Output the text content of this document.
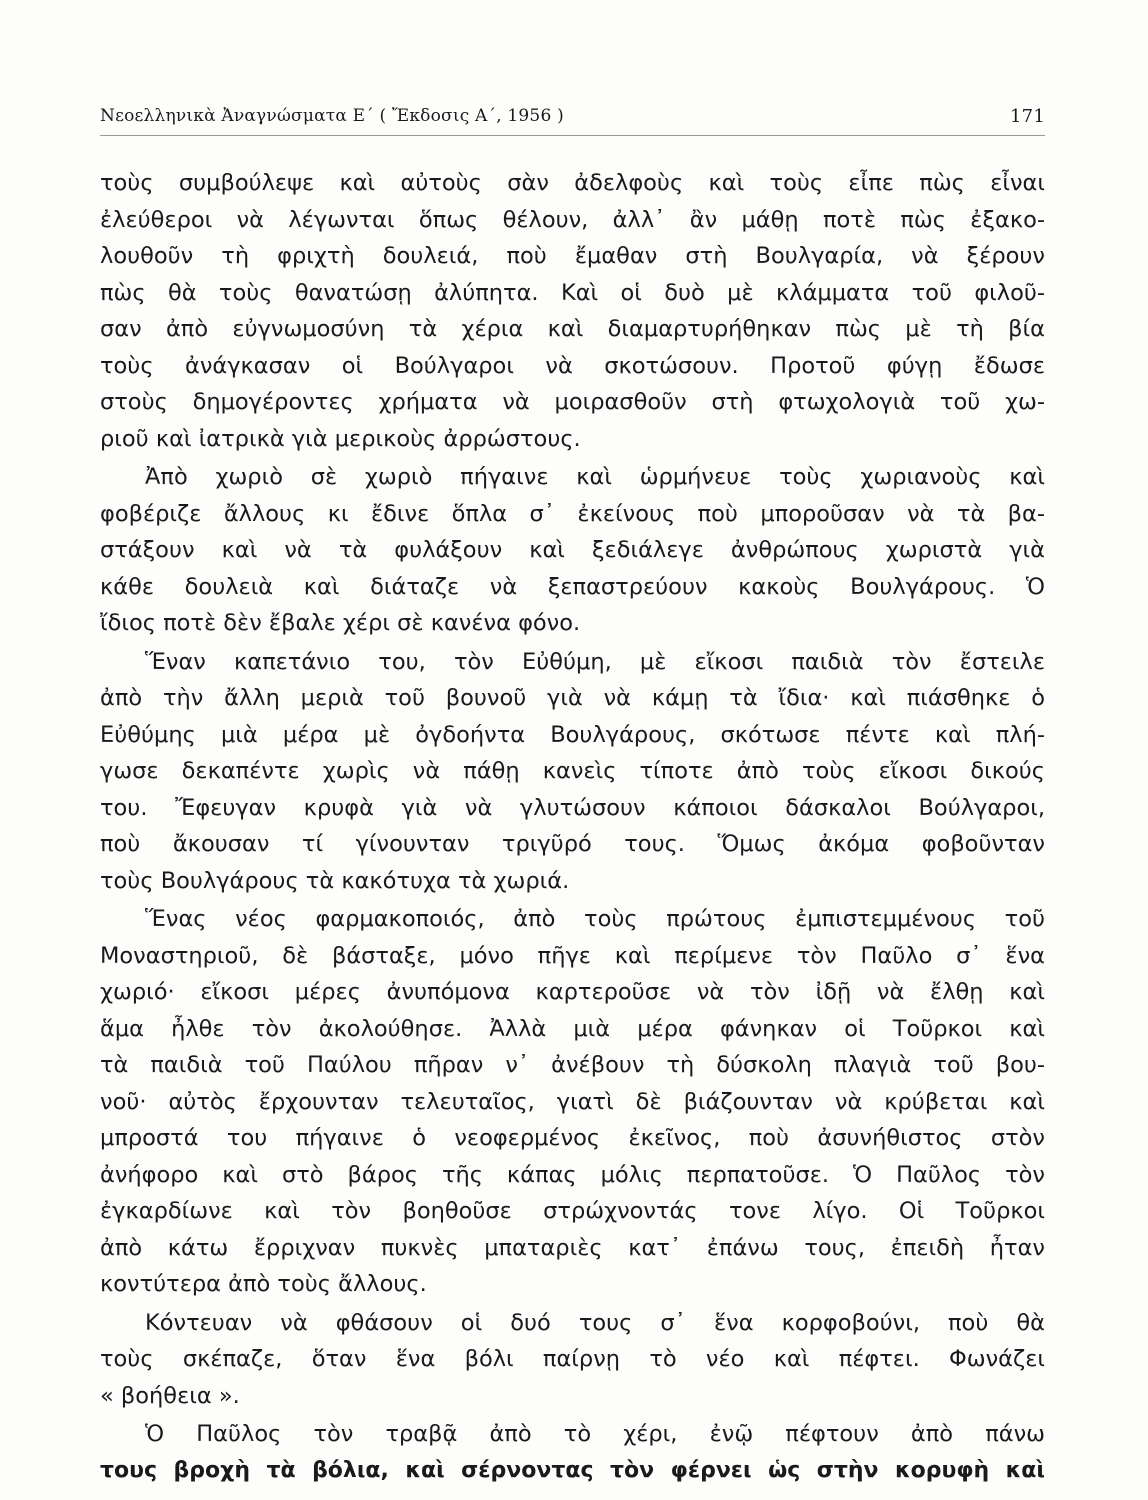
Νεοελληνικὰ Ἀναγνώσματα Ε΄ ( Ἔκδοσις Α΄, 1956 )	171
τοὺς συμβούλεψε καὶ αὐτοὺς σὰν ἀδελφοὺς καὶ τοὺς εἶπε πὼς εἶναι
ἐλεύθεροι νὰ λέγωνται ὅπως θέλουν, ἀλλ᾽ ἂν μάθῃ ποτὲ πὼς ἐξακο-
λουθοῦν τὴ φριχτὴ δουλειά, ποὺ ἔμαθαν στὴ Βουλγαρία, νὰ ξέρουν
πὼς θὰ τοὺς θανατώσῃ ἀλύπητα. Καὶ οἱ δυὸ μὲ κλάμματα τοῦ φιλοῦ-
σαν ἀπὸ εὐγνωμοσύνη τὰ χέρια καὶ διαμαρτυρήθηκαν πὼς μὲ τὴ βία
τοὺς ἀνάγκασαν οἱ Βούλγαροι νὰ σκοτώσουν. Προτοῦ φύγῃ ἔδωσε
στοὺς δημογέροντες χρήματα νὰ μοιρασθοῦν στὴ φτωχολογιὰ τοῦ χω-
ριοῦ καὶ ἰατρικὰ γιὰ μερικοὺς ἀρρώστους.
Ἀπὸ χωριὸ σὲ χωριὸ πήγαινε καὶ ὡρμήνευε τοὺς χωριανοὺς καὶ
φοβέριζε ἄλλους κι ἔδινε ὅπλα σ᾽ ἐκείνους ποὺ μποροῦσαν νὰ τὰ βα-
στάξουν καὶ νὰ τὰ φυλάξουν καὶ ξεδιάλεγε ἀνθρώπους χωριστὰ γιὰ
κάθε δουλειὰ καὶ διάταζε νὰ ξεπαστρεύουν κακοὺς Βουλγάρους. Ὁ
ἴδιος ποτὲ δὲν ἔβαλε χέρι σὲ κανένα φόνο.
Ἕναν καπετάνιο του, τὸν Εὐθύμη, μὲ εἴκοσι παιδιὰ τὸν ἔστειλε
ἀπὸ τὴν ἄλλη μεριὰ τοῦ βουνοῦ γιὰ νὰ κάμῃ τὰ ἴδια· καὶ πιάσθηκε ὁ
Εὐθύμης μιὰ μέρα μὲ ὀγδοήντα Βουλγάρους, σκότωσε πέντε καὶ πλή-
γωσε δεκαπέντε χωρὶς νὰ πάθῃ κανεὶς τίποτε ἀπὸ τοὺς εἴκοσι δικούς
του. Ἔφευγαν κρυφὰ γιὰ νὰ γλυτώσουν κάποιοι δάσκαλοι Βούλγαροι,
ποὺ ἄκουσαν τί γίνουνταν τριγῦρό τους. Ὅμως ἀκόμα φοβοῦνταν
τοὺς Βουλγάρους τὰ κακότυχα τὰ χωριά.
Ἕνας νέος φαρμακοποιός, ἀπὸ τοὺς πρώτους ἐμπιστεμμένους τοῦ
Μοναστηριοῦ, δὲ βάσταξε, μόνο πῆγε καὶ περίμενε τὸν Παῦλο σ᾽ ἕνα
χωριό· εἴκοσι μέρες ἀνυπόμονα καρτεροῦσε νὰ τὸν ἰδῇ νὰ ἔλθῃ καὶ
ἅμα ἦλθε τὸν ἀκολούθησε. Ἀλλὰ μιὰ μέρα φάνηκαν οἱ Τοῦρκοι καὶ
τὰ παιδιὰ τοῦ Παύλου πῆραν ν᾽ ἀνέβουν τὴ δύσκολη πλαγιὰ τοῦ βου-
νοῦ· αὐτὸς ἔρχουνταν τελευταῖος, γιατὶ δὲ βιάζουνταν νὰ κρύβεται καὶ
μπροστά του πήγαινε ὁ νεοφερμένος ἐκεῖνος, ποὺ ἀσυνήθιστος στὸν
ἀνήφορο καὶ στὸ βάρος τῆς κάπας μόλις περπατοῦσε. Ὁ Παῦλος τὸν
ἐγκαρδίωνε καὶ τὸν βοηθοῦσε στρώχνοντάς τονε λίγο. Οἱ Τοῦρκοι
ἀπὸ κάτω ἔρριχναν πυκνὲς μπαταριὲς κατ᾽ ἐπάνω τους, ἐπειδὴ ἦταν
κοντύτερα ἀπὸ τοὺς ἄλλους.
Κόντευαν νὰ φθάσουν οἱ δυό τους σ᾽ ἕνα κορφοβούνι, ποὺ θὰ
τοὺς σκέπαζε, ὅταν ἕνα βόλι παίρνῃ τὸ νέο καὶ πέφτει. Φωνάζει
« βοήθεια ».
Ὁ Παῦλος τὸν τραβᾷ ἀπὸ τὸ χέρι, ἐνῷ πέφτουν ἀπὸ πάνω
τους βροχὴ τὰ βόλια, καὶ σέρνοντας τὸν φέρνει ὡς στὴν κορυφὴ καὶ
